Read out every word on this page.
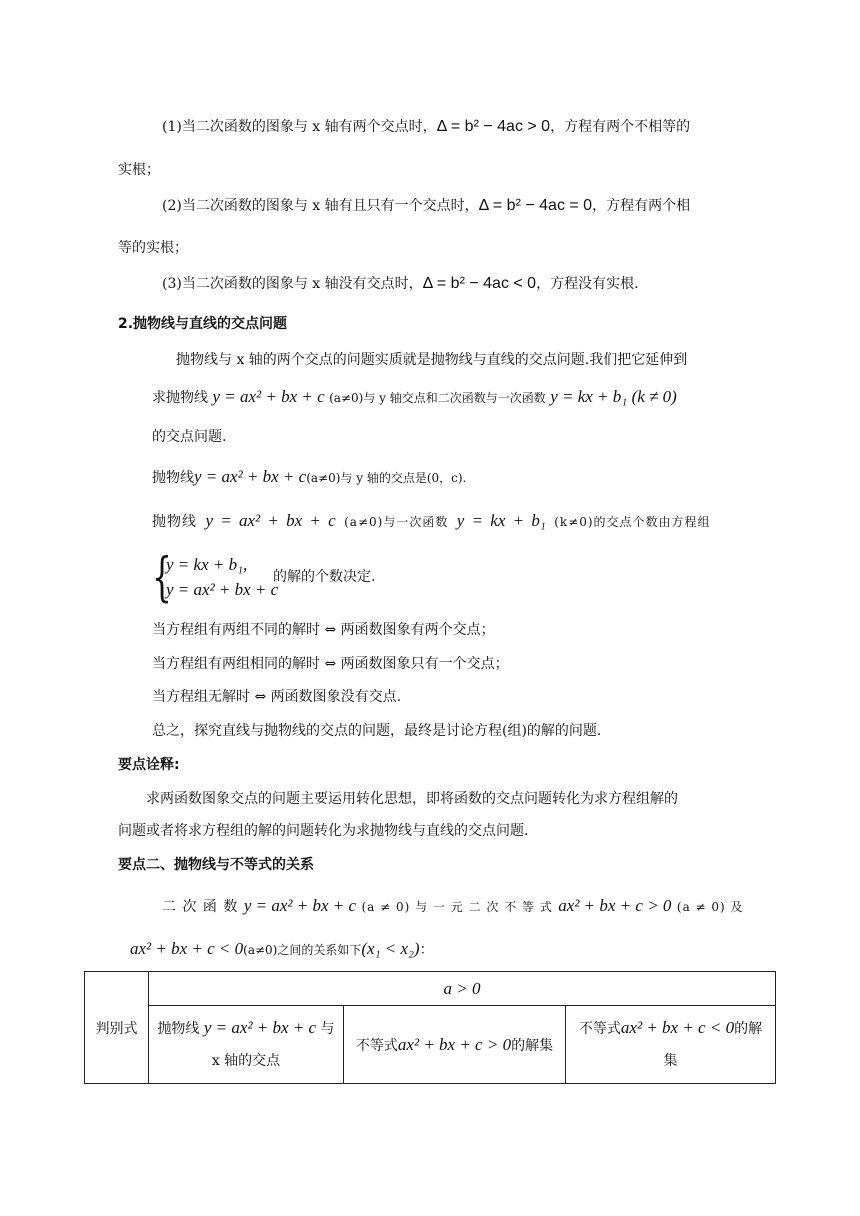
(1)当二次函数的图象与 x 轴有两个交点时，Δ = b² − 4ac > 0，方程有两个不相等的
实根；
(2)当二次函数的图象与 x 轴有且只有一个交点时，Δ = b² − 4ac = 0，方程有两个相
等的实根；
(3)当二次函数的图象与 x 轴没有交点时，Δ = b² − 4ac < 0，方程没有实根.
2.抛物线与直线的交点问题
抛物线与 x 轴的两个交点的问题实质就是抛物线与直线的交点问题.我们把它延伸到
求抛物线 y = ax² + bx + c (a≠0)与 y 轴交点和二次函数与一次函数 y = kx + b₁ (k ≠ 0)
的交点问题.
抛物线y = ax² + bx + c(a≠0)与 y 轴的交点是(0，c).
抛物线 y = ax² + bx + c (a≠0)与一次函数 y = kx + b₁ (k≠0)的交点个数由方程组
{
y = kx + b₁,
y = ax² + bx + c
的解的个数决定.
当方程组有两组不同的解时 ⇔ 两函数图象有两个交点；
当方程组有两组相同的解时 ⇔ 两函数图象只有一个交点；
当方程组无解时 ⇔ 两函数图象没有交点.
总之，探究直线与抛物线的交点的问题，最终是讨论方程(组)的解的问题.
要点诠释:
求两函数图象交点的问题主要运用转化思想，即将函数的交点问题转化为求方程组解的
问题或者将求方程组的解的问题转化为求抛物线与直线的交点问题.
要点二、抛物线与不等式的关系
二 次 函 数 y = ax² + bx + c (a ≠ 0) 与 一 元 二 次 不 等 式 ax² + bx + c > 0 (a ≠ 0) 及
ax² + bx + c < 0(a≠0)之间的关系如下(x₁ < x₂)：
判别式	a > 0		
	抛物线 y = ax² + bx + c 与
x 轴的交点	不等式ax² + bx + c > 0的解集	不等式ax² + bx + c < 0的解
集
